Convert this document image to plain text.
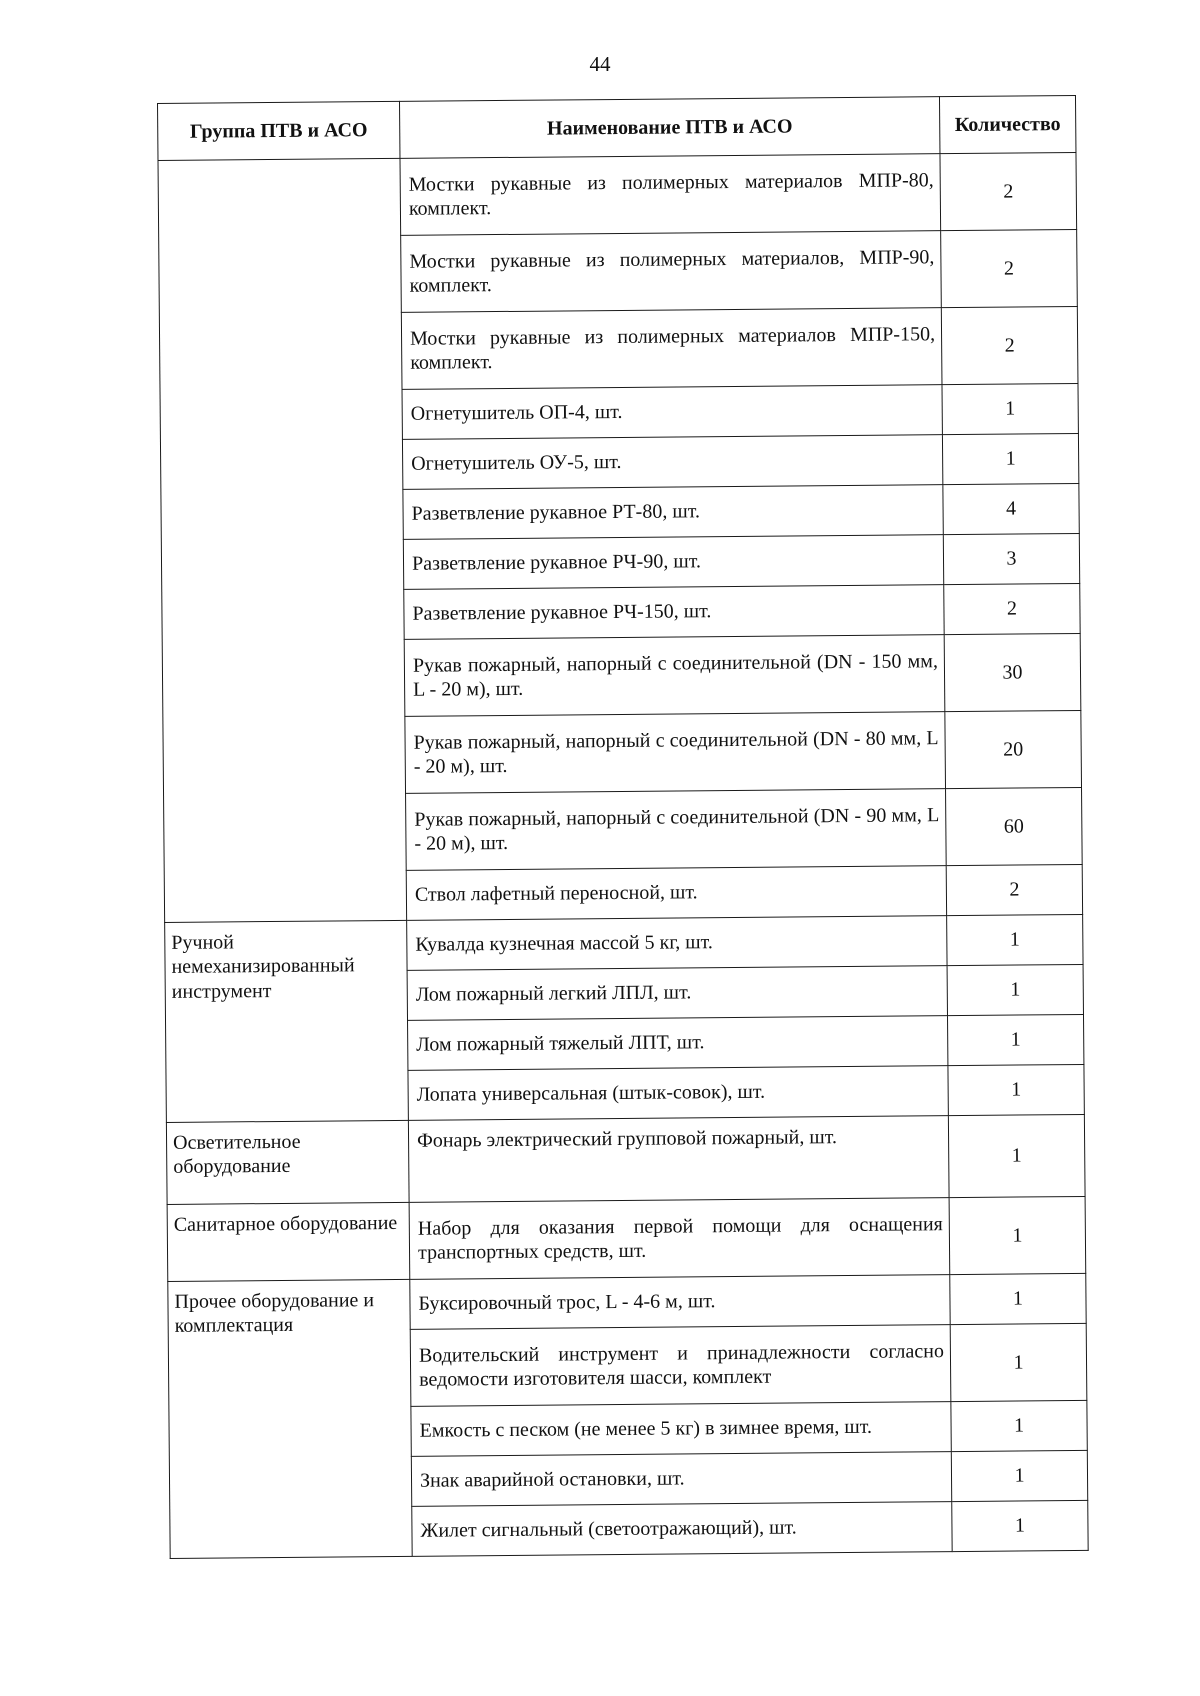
44
Группа ПТВ и АСО	Наименование ПТВ и АСО	Количество
	Мостки рукавные из полимерных материалов МПР-80, комплект.	2
	Мостки рукавные из полимерных материалов, МПР-90, комплект.	2
	Мостки рукавные из полимерных материалов МПР-150, комплект.	2
	Огнетушитель ОП-4, шт.	1
	Огнетушитель ОУ-5, шт.	1
	Разветвление рукавное РТ-80, шт.	4
	Разветвление рукавное РЧ-90, шт.	3
	Разветвление рукавное РЧ-150, шт.	2
	Рукав пожарный, напорный с соединительной (DN - 150 мм, L - 20 м), шт.	30
	Рукав пожарный, напорный с соединительной (DN - 80 мм, L - 20 м), шт.	20
	Рукав пожарный, напорный с соединительной (DN - 90 мм, L - 20 м), шт.	60
	Ствол лафетный переносной, шт.	2
Ручной немеханизированный инструмент	Кувалда кузнечная массой 5 кг, шт.	1
	Лом пожарный легкий ЛПЛ, шт.	1
	Лом пожарный тяжелый ЛПТ, шт.	1
	Лопата универсальная (штык-совок), шт.	1
Осветительное оборудование	Фонарь электрический групповой пожарный, шт.	1
Санитарное оборудование	Набор для оказания первой помощи для оснащения транспортных средств, шт.	1
Прочее оборудование и комплектация	Буксировочный трос, L - 4-6 м, шт.	1
	Водительский инструмент и принадлежности согласно ведомости изготовителя шасси, комплект	1
	Емкость с песком (не менее 5 кг) в зимнее время, шт.	1
	Знак аварийной остановки, шт.	1
	Жилет сигнальный (светоотражающий), шт.	1
